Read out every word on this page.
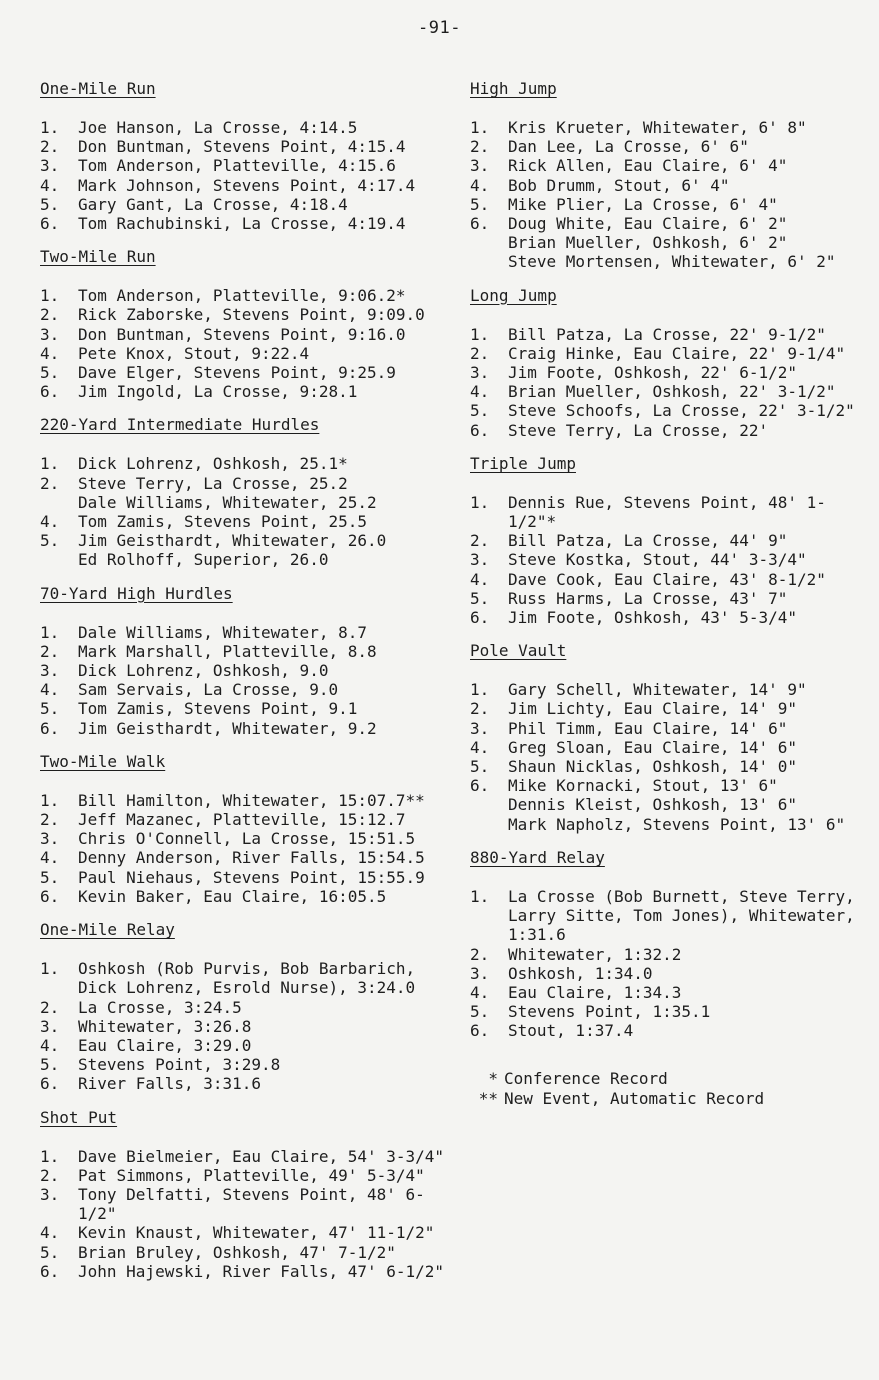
-91-
One-Mile Run
1.	Joe Hanson, La Crosse, 4:14.5
2.	Don Buntman, Stevens Point, 4:15.4
3.	Tom Anderson, Platteville, 4:15.6
4.	Mark Johnson, Stevens Point, 4:17.4
5.	Gary Gant, La Crosse, 4:18.4
6.	Tom Rachubinski, La Crosse, 4:19.4
Two-Mile Run
1.	Tom Anderson, Platteville, 9:06.2*
2.	Rick Zaborske, Stevens Point, 9:09.0
3.	Don Buntman, Stevens Point, 9:16.0
4.	Pete Knox, Stout, 9:22.4
5.	Dave Elger, Stevens Point, 9:25.9
6.	Jim Ingold, La Crosse, 9:28.1
220-Yard Intermediate Hurdles
1.	Dick Lohrenz, Oshkosh, 25.1*
2.	Steve Terry, La Crosse, 25.2
Dale Williams, Whitewater, 25.2
4.	Tom Zamis, Stevens Point, 25.5
5.	Jim Geisthardt, Whitewater, 26.0
Ed Rolhoff, Superior, 26.0
70-Yard High Hurdles
1.	Dale Williams, Whitewater, 8.7
2.	Mark Marshall, Platteville, 8.8
3.	Dick Lohrenz, Oshkosh, 9.0
4.	Sam Servais, La Crosse, 9.0
5.	Tom Zamis, Stevens Point, 9.1
6.	Jim Geisthardt, Whitewater, 9.2
Two-Mile Walk
1.	Bill Hamilton, Whitewater, 15:07.7**
2.	Jeff Mazanec, Platteville, 15:12.7
3.	Chris O'Connell, La Crosse, 15:51.5
4.	Denny Anderson, River Falls, 15:54.5
5.	Paul Niehaus, Stevens Point, 15:55.9
6.	Kevin Baker, Eau Claire, 16:05.5
One-Mile Relay
1.	Oshkosh (Rob Purvis, Bob Barbarich,
Dick Lohrenz, Esrold Nurse), 3:24.0
2.	La Crosse, 3:24.5
3.	Whitewater, 3:26.8
4.	Eau Claire, 3:29.0
5.	Stevens Point, 3:29.8
6.	River Falls, 3:31.6
Shot Put
1.	Dave Bielmeier, Eau Claire, 54' 3-3/4"
2.	Pat Simmons, Platteville, 49' 5-3/4"
3.	Tony Delfatti, Stevens Point, 48' 6-1/2"
4.	Kevin Knaust, Whitewater, 47' 11-1/2"
5.	Brian Bruley, Oshkosh, 47' 7-1/2"
6.	John Hajewski, River Falls, 47' 6-1/2"
High Jump
1.	Kris Krueter, Whitewater, 6' 8"
2.	Dan Lee, La Crosse, 6' 6"
3.	Rick Allen, Eau Claire, 6' 4"
4.	Bob Drumm, Stout, 6' 4"
5.	Mike Plier, La Crosse, 6' 4"
6.	Doug White, Eau Claire, 6' 2"
Brian Mueller, Oshkosh, 6' 2"
Steve Mortensen, Whitewater, 6' 2"
Long Jump
1.	Bill Patza, La Crosse, 22' 9-1/2"
2.	Craig Hinke, Eau Claire, 22' 9-1/4"
3.	Jim Foote, Oshkosh, 22' 6-1/2"
4.	Brian Mueller, Oshkosh, 22' 3-1/2"
5.	Steve Schoofs, La Crosse, 22' 3-1/2"
6.	Steve Terry, La Crosse, 22'
Triple Jump
1.	Dennis Rue, Stevens Point, 48' 1-1/2"*
2.	Bill Patza, La Crosse, 44' 9"
3.	Steve Kostka, Stout, 44' 3-3/4"
4.	Dave Cook, Eau Claire, 43' 8-1/2"
5.	Russ Harms, La Crosse, 43' 7"
6.	Jim Foote, Oshkosh, 43' 5-3/4"
Pole Vault
1.	Gary Schell, Whitewater, 14' 9"
2.	Jim Lichty, Eau Claire, 14' 9"
3.	Phil Timm, Eau Claire, 14' 6"
4.	Greg Sloan, Eau Claire, 14' 6"
5.	Shaun Nicklas, Oshkosh, 14' 0"
6.	Mike Kornacki, Stout, 13' 6"
Dennis Kleist, Oshkosh, 13' 6"
Mark Napholz, Stevens Point, 13' 6"
880-Yard Relay
1.	La Crosse (Bob Burnett, Steve Terry,
Larry Sitte, Tom Jones), Whitewater,
1:31.6
2.	Whitewater, 1:32.2
3.	Oshkosh, 1:34.0
4.	Eau Claire, 1:34.3
5.	Stevens Point, 1:35.1
6.	Stout, 1:37.4
* Conference Record
** New Event, Automatic Record
